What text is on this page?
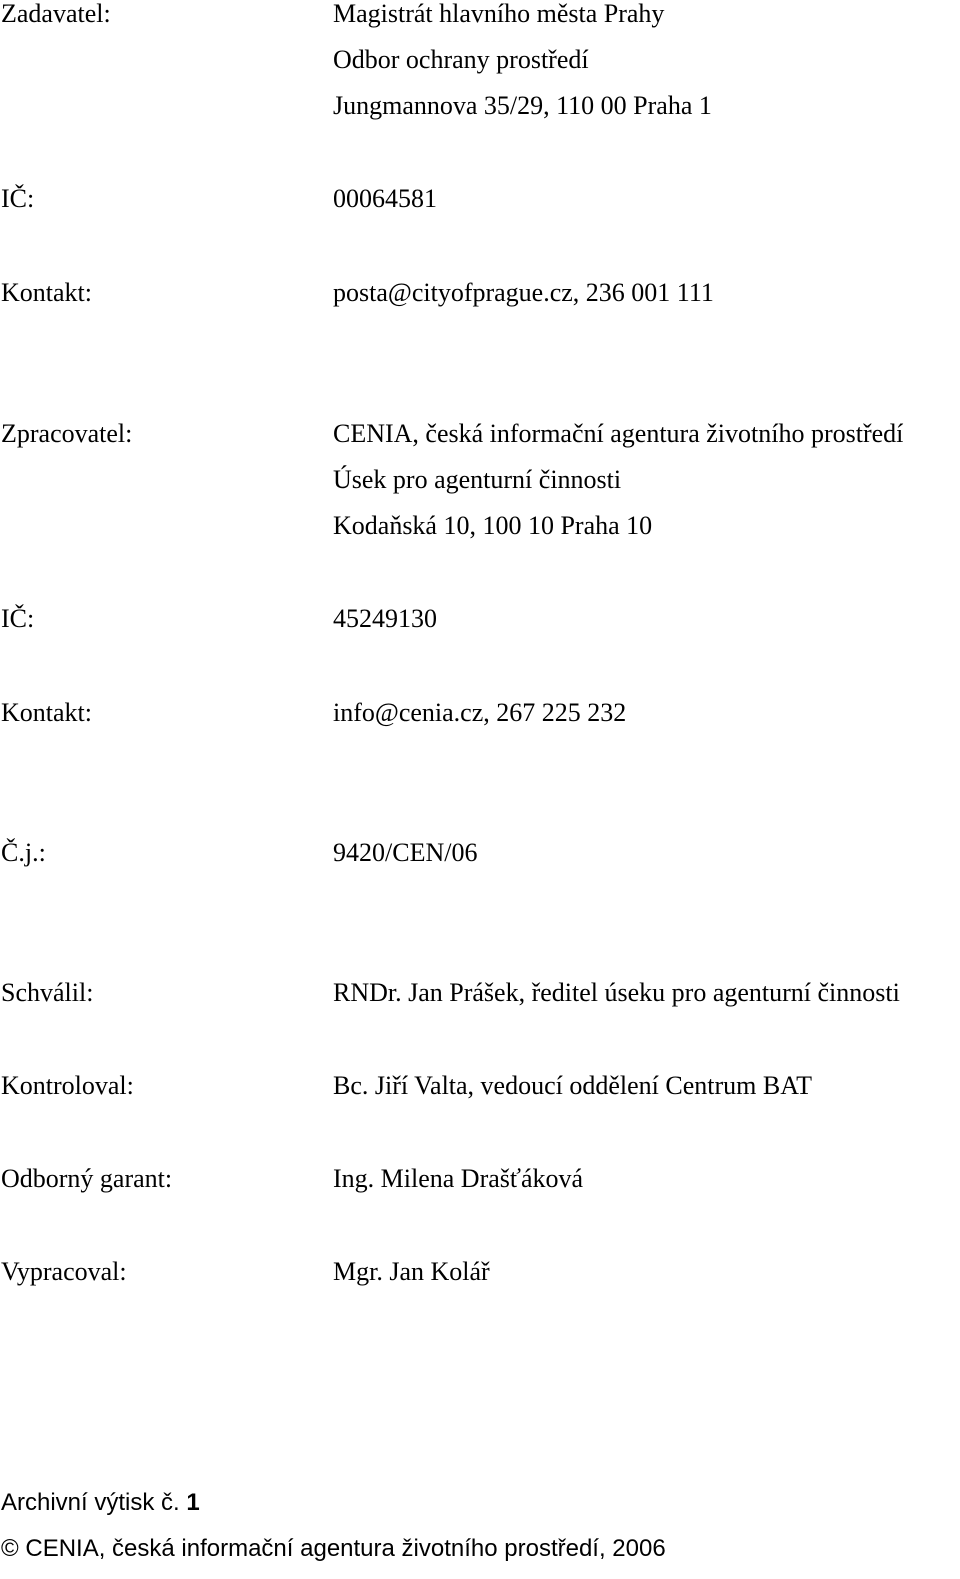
Zadavatel:	Magistrát hlavního města Prahy
Odbor ochrany prostředí
Jungmannova 35/29, 110 00 Praha 1
IČ:	00064581
Kontakt:	posta@cityofprague.cz, 236 001 111
Zpracovatel:	CENIA, česká informační agentura životního prostředí
Úsek pro agenturní činnosti
Kodaňská 10, 100 10 Praha 10
IČ:	45249130
Kontakt:	info@cenia.cz, 267 225 232
Č.j.:	9420/CEN/06
Schválil:	RNDr. Jan Prášek, ředitel úseku pro agenturní činnosti
Kontroloval:	Bc. Jiří Valta, vedoucí oddělení Centrum BAT
Odborný garant:	Ing. Milena Drašťáková
Vypracoval:	Mgr. Jan Kolář
Archivní výtisk č. 1
© CENIA, česká informační agentura životního prostředí, 2006
